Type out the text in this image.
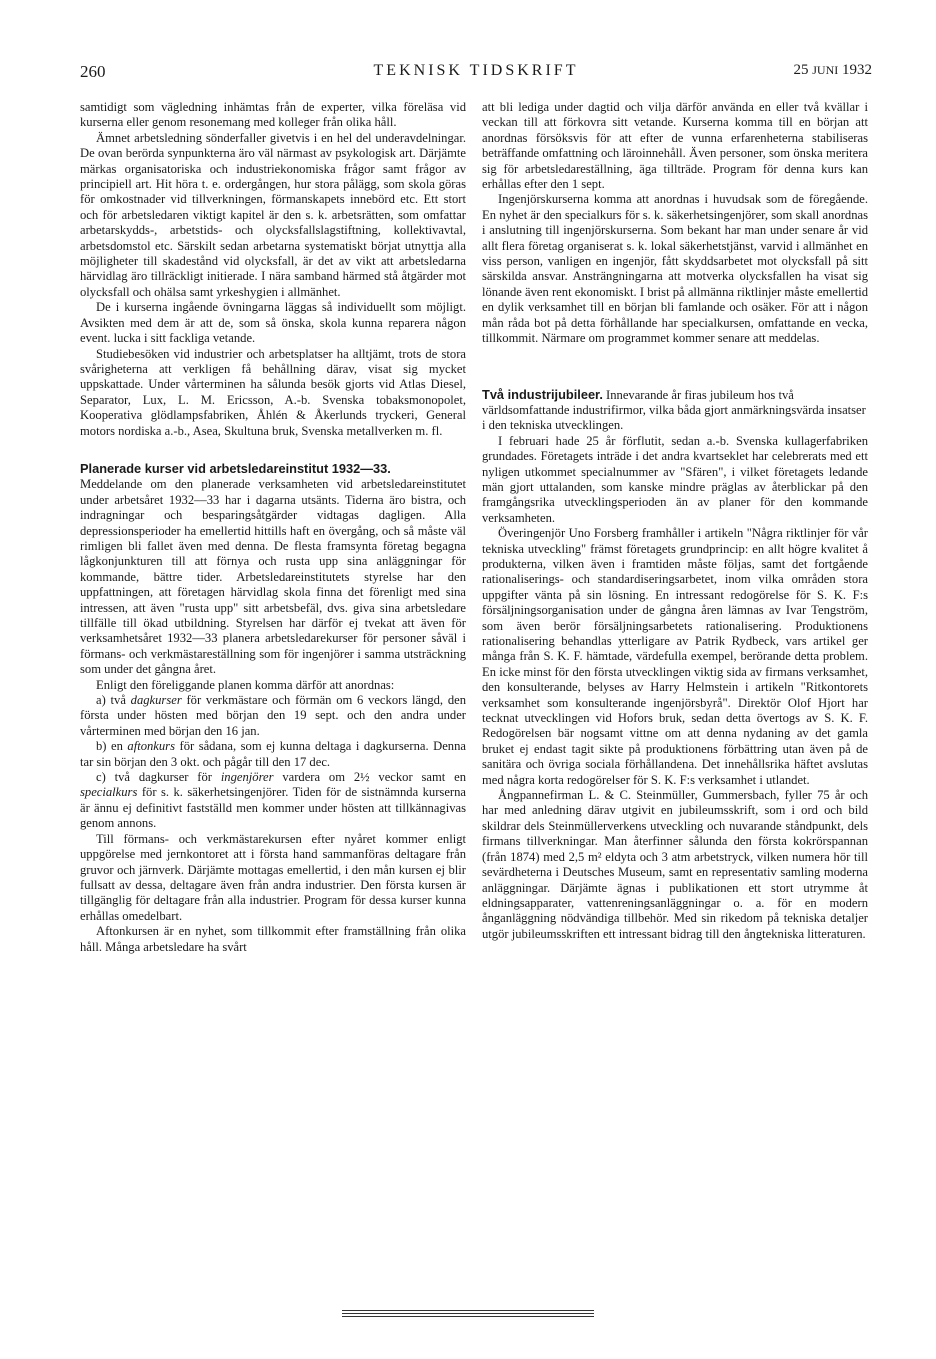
260	TEKNISK TIDSKRIFT	25 JUNI 1932

samtidigt som vägledning inhämtas från de experter, vilka föreläsa vid kurserna eller genom resonemang med kolleger från olika håll.

Ämnet arbetsledning sönderfaller givetvis i en hel del underavdelningar. De ovan berörda synpunkterna äro väl närmast av psykologisk art. Därjämte märkas organisatoriska och industriekonomiska frågor samt frågor av principiell art. Hit höra t. e. ordergången, hur stora pålägg, som skola göras för omkostnader vid tillverkningen, förmanskapets innebörd etc. Ett stort och för arbetsledaren viktigt kapitel är den s. k. arbetsrätten, som omfattar arbetarskydds-, arbetstids- och olycksfallslagstiftning, kollektivavtal, arbetsdomstol etc. Särskilt sedan arbetarna systematiskt börjat utnyttja alla möjligheter till skadestånd vid olycksfall, är det av vikt att arbetsledarna härvidlag äro tillräckligt initierade. I nära samband härmed stå åtgärder mot olycksfall och ohälsa samt yrkeshygien i allmänhet.

De i kurserna ingående övningarna läggas så individuellt som möjligt. Avsikten med dem är att de, som så önska, skola kunna reparera någon event. lucka i sitt fackliga vetande.

Studiebesöken vid industrier och arbetsplatser ha alltjämt, trots de stora svårigheterna att verkligen få behållning därav, visat sig mycket uppskattade. Under vårterminen ha sålunda besök gjorts vid Atlas Diesel, Separator, Lux, L. M. Ericsson, A.-b. Svenska tobaksmonopolet, Kooperativa glödlampsfabriken, Åhlén & Åkerlunds tryckeri, General motors nordiska a.-b., Asea, Skultuna bruk, Svenska metallverken m. fl.

Planerade kurser vid arbetsledareinstitut 1932—33.

Meddelande om den planerade verksamheten vid arbetsledareinstitutet under arbetsåret 1932—33 har i dagarna utsänts. Tiderna äro bistra, och indragningar och besparingsåtgärder vidtagas dagligen. Alla depressionsperioder ha emellertid hittills haft en övergång, och så måste väl rimligen bli fallet även med denna. De flesta framsynta företag begagna lågkonjunkturen till att förnya och rusta upp sina anläggningar för kommande, bättre tider. Arbetsledareinstitutets styrelse har den uppfattningen, att företagen härvidlag skola finna det förenligt med sina intressen, att även "rusta upp" sitt arbetsbefäl, dvs. giva sina arbetsledare tillfälle till ökad utbildning. Styrelsen har därför ej tvekat att även för verksamhetsåret 1932—33 planera arbetsledarekurser för personer såväl i förmans- och verkmästareställning som för ingenjörer i samma utsträckning som under det gångna året.

Enligt den föreliggande planen komma därför att anordnas:

a) två dagkurser för verkmästare och förmän om 6 veckors längd, den första under hösten med början den 19 sept. och den andra under vårterminen med början den 16 jan.

b) en aftonkurs för sådana, som ej kunna deltaga i dagkurserna. Denna tar sin början den 3 okt. och pågår till den 17 dec.

c) två dagkurser för ingenjörer vardera om 2½ veckor samt en specialkurs för s. k. säkerhetsingenjörer. Tiden för de sistnämnda kurserna är ännu ej definitivt fastställd men kommer under hösten att tillkännagivas genom annons.

Till förmans- och verkmästarekursen efter nyåret kommer enligt uppgörelse med jernkontoret att i första hand sammanföras deltagare från gruvor och järnverk. Därjämte mottagas emellertid, i den mån kursen ej blir fullsatt av dessa, deltagare även från andra industrier. Den första kursen är tillgänglig för deltagare från alla industrier. Program för dessa kurser kunna erhållas omedelbart.

Aftonkursen är en nyhet, som tillkommit efter framställning från olika håll. Många arbetsledare ha svårt

att bli lediga under dagtid och vilja därför använda en eller två kvällar i veckan till att förkovra sitt vetande. Kurserna komma till en början att anordnas försöksvis för att efter de vunna erfarenheterna stabiliseras beträffande omfattning och läroinnehåll. Även personer, som önska meritera sig för arbetsledareställning, äga tillträde. Program för denna kurs kan erhållas efter den 1 sept.

Ingenjörskurserna komma att anordnas i huvudsak som de föregående. En nyhet är den specialkurs för s. k. säkerhetsingenjörer, som skall anordnas i anslutning till ingenjörskurserna. Som bekant har man under senare år vid allt flera företag organiserat s. k. lokal säkerhetstjänst, varvid i allmänhet en viss person, vanligen en ingenjör, fått skyddsarbetet mot olycksfall på sitt särskilda ansvar. Ansträngningarna att motverka olycksfallen ha visat sig lönande även rent ekonomiskt. I brist på allmänna riktlinjer måste emellertid en dylik verksamhet till en början bli famlande och osäker. För att i någon mån råda bot på detta förhållande har specialkursen, omfattande en vecka, tillkommit. Närmare om programmet kommer senare att meddelas.

Två industrijubileer. Innevarande år firas jubileum hos två världsomfattande industrifirmor, vilka båda gjort anmärkningsvärda insatser i den tekniska utvecklingen.

I februari hade 25 år förflutit, sedan a.-b. Svenska kullagerfabriken grundades. Företagets inträde i det andra kvartseklet har celebrerats med ett nyligen utkommet specialnummer av "Sfären", i vilket företagets ledande män gjort uttalanden, som kanske mindre präglas av återblickar på den framgångsrika utvecklingsperioden än av planer för den kommande verksamheten.

Överingenjör Uno Forsberg framhåller i artikeln "Några riktlinjer för vår tekniska utveckling" främst företagets grundprincip: en allt högre kvalitet å produkterna, vilken även i framtiden måste följas, samt det fortgående rationaliserings- och standardiseringsarbetet, inom vilka områden stora uppgifter vänta på sin lösning. En intressant redogörelse för S. K. F:s försäljningsorganisation under de gångna åren lämnas av Ivar Tengström, som även berör försäljningsarbetets rationalisering. Produktionens rationalisering behandlas ytterligare av Patrik Rydbeck, vars artikel ger många från S. K. F. hämtade, värdefulla exempel, berörande detta problem. En icke minst för den första utvecklingen viktig sida av firmans verksamhet, den konsulterande, belyses av Harry Helmstein i artikeln "Ritkontorets verksamhet som konsulterande ingenjörsbyrå". Direktör Olof Hjort har tecknat utvecklingen vid Hofors bruk, sedan detta övertogs av S. K. F. Redogörelsen bär nogsamt vittne om att denna nydaning av det gamla bruket ej endast tagit sikte på produktionens förbättring utan även på de sanitära och övriga sociala förhållandena. Det innehållsrika häftet avslutas med några korta redogörelser för S. K. F:s verksamhet i utlandet.

Ångpannefirman L. & C. Steinmüller, Gummersbach, fyller 75 år och har med anledning därav utgivit en jubileumsskrift, som i ord och bild skildrar dels Steinmüllerverkens utveckling och nuvarande ståndpunkt, dels firmans tillverkningar. Man återfinner sålunda den första kokrörspannan (från 1874) med 2,5 m² eldyta och 3 atm arbetstryck, vilken numera hör till sevärdheterna i Deutsches Museum, samt en representativ samling moderna anläggningar. Därjämte ägnas i publikationen ett stort utrymme åt eldningsapparater, vattenreningsanläggningar o. a. för en modern ånganläggning nödvändiga tillbehör. Med sin rikedom på tekniska detaljer utgör jubileumsskriften ett intressant bidrag till den ångtekniska litteraturen.
